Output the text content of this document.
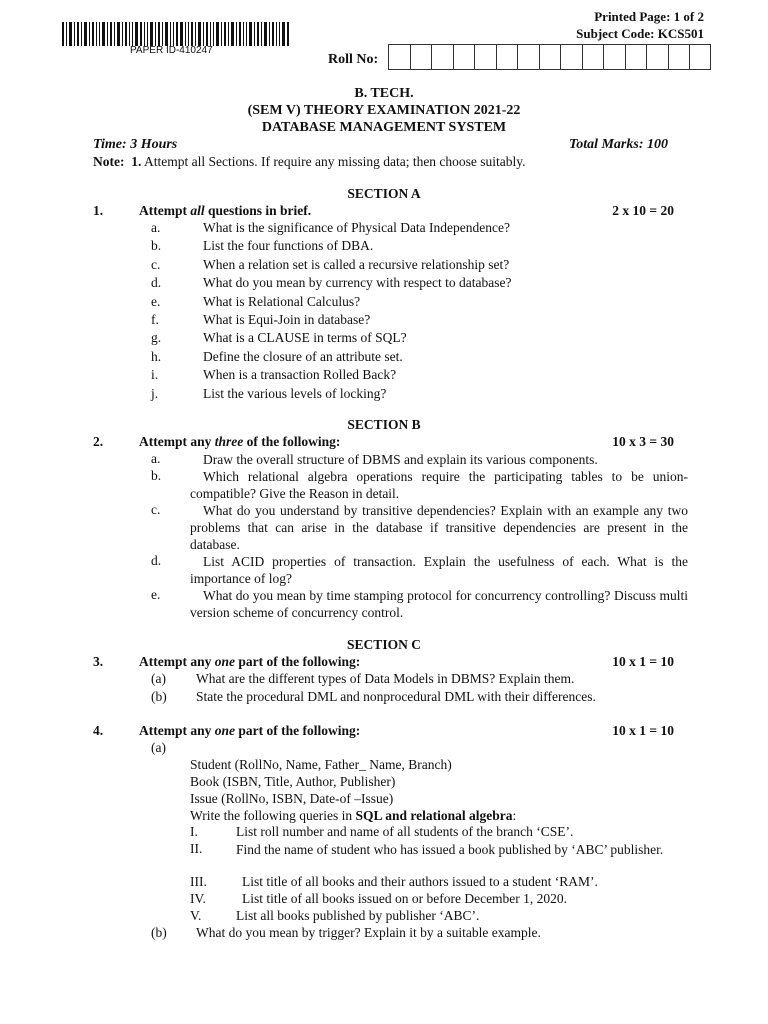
PAPER ID-410247
Printed Page: 1 of 2
Subject Code: KCS501
Roll No:
B. TECH.
(SEM V) THEORY EXAMINATION 2021-22
DATABASE MANAGEMENT SYSTEM
Time: 3 Hours	Total Marks: 100
Note: 1. Attempt all Sections. If require any missing data; then choose suitably.
SECTION A
1.	Attempt all questions in brief.	2 x 10 = 20
a.	What is the significance of Physical Data Independence?
b.	List the four functions of DBA.
c.	When a relation set is called a recursive relationship set?
d.	What do you mean by currency with respect to database?
e.	What is Relational Calculus?
f.	What is Equi-Join in database?
g.	What is a CLAUSE in terms of SQL?
h.	Define the closure of an attribute set.
i.	When is a transaction Rolled Back?
j.	List the various levels of locking?
SECTION B
2.	Attempt any three of the following:	10 x 3 = 30
a.	Draw the overall structure of DBMS and explain its various components.
b.	Which relational algebra operations require the participating tables to be union-compatible? Give the Reason in detail.
c.	What do you understand by transitive dependencies? Explain with an example any two problems that can arise in the database if transitive dependencies are present in the database.
d.	List ACID properties of transaction. Explain the usefulness of each. What is the importance of log?
e.	What do you mean by time stamping protocol for concurrency controlling? Discuss multi version scheme of concurrency control.
SECTION C
3.	Attempt any one part of the following:	10 x 1 = 10
(a) What are the different types of Data Models in DBMS? Explain them.
(b) State the procedural DML and nonprocedural DML with their differences.
4.	Attempt any one part of the following:	10 x 1 = 10
(a)
Student (RollNo, Name, Father_ Name, Branch)
Book (ISBN, Title, Author, Publisher)
Issue (RollNo, ISBN, Date-of –Issue)
Write the following queries in SQL and relational algebra:
I.	List roll number and name of all students of the branch ‘CSE’.
II. Find the name of student who has issued a book published by ‘ABC’ publisher.
III.	List title of all books and their authors issued to a student ‘RAM’.
IV.	List title of all books issued on or before December 1, 2020.
V.	List all books published by publisher ‘ABC’.
(b) What do you mean by trigger? Explain it by a suitable example.
